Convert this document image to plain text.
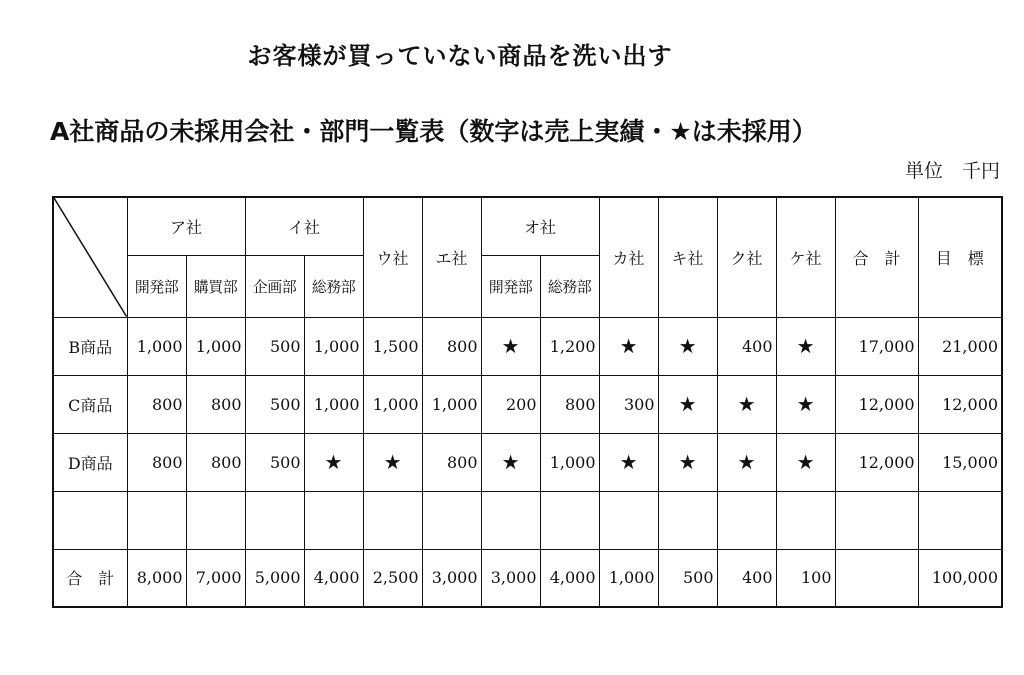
お客様が買っていない商品を洗い出す
A社商品の未採用会社・部門一覧表（数字は売上実績・★は未採用）
単位　千円
	ア社		イ社		ウ社	エ社	オ社		カ社	キ社	ク社	ケ社	合　計	目　標
	開発部	購買部	企画部	総務部			開発部	総務部						
B商品	1,000	1,000	500	1,000	1,500	800	★	1,200	★	★	400	★	17,000	21,000
C商品	800	800	500	1,000	1,000	1,000	200	800	300	★	★	★	12,000	12,000
D商品	800	800	500	★	★	800	★	1,000	★	★	★	★	12,000	15,000

合　計	8,000	7,000	5,000	4,000	2,500	3,000	3,000	4,000	1,000	500	400	100		100,000
